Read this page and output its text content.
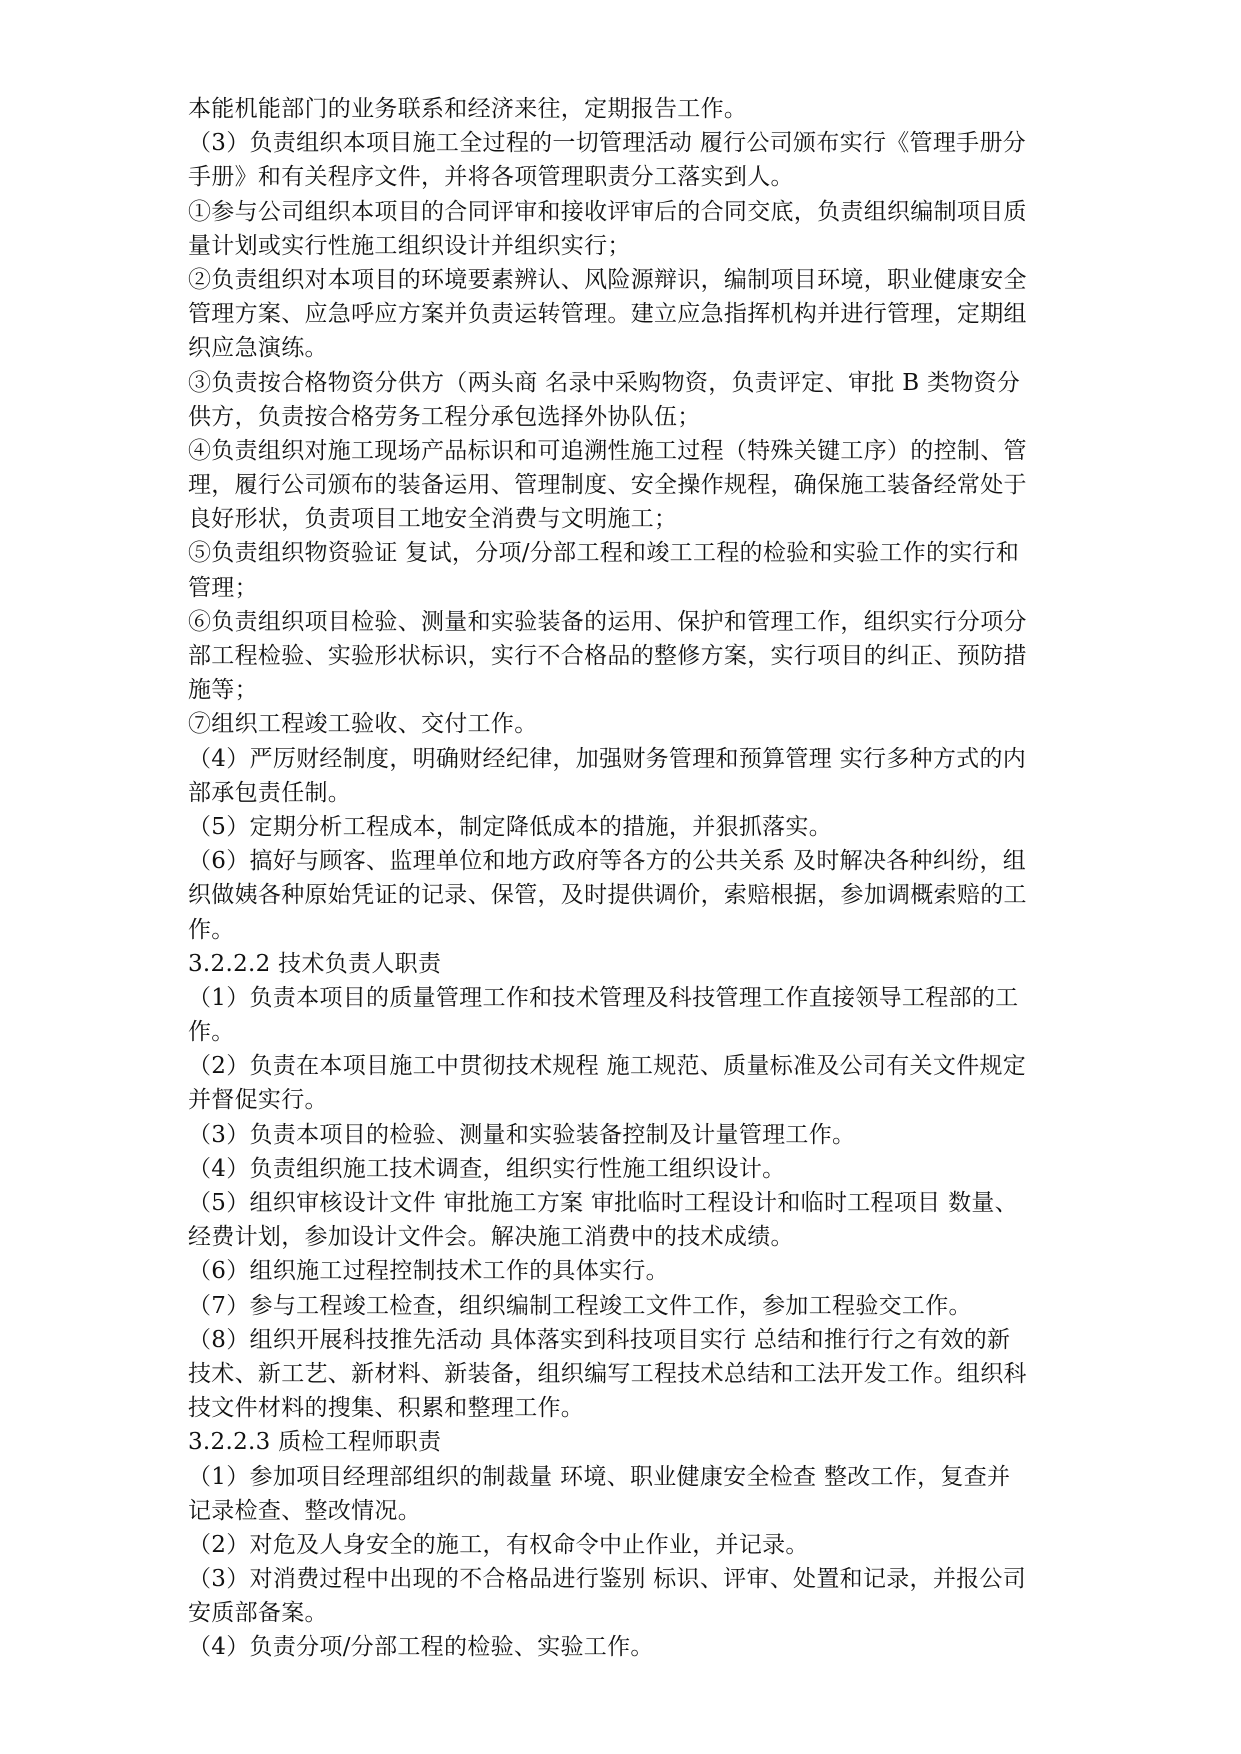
本能机能部门的业务联系和经济来往，定期报告工作。

（3）负责组织本项目施工全过程的一切管理活动 履行公司颁布实行《管理手册分

手册》和有关程序文件，并将各项管理职责分工落实到人。

①参与公司组织本项目的合同评审和接收评审后的合同交底，负责组织编制项目质

量计划或实行性施工组织设计并组织实行；

②负责组织对本项目的环境要素辨认、风险源辩识，编制项目环境，职业健康安全

管理方案、应急呼应方案并负责运转管理。建立应急指挥机构并进行管理，定期组

织应急演练。

③负责按合格物资分供方（两头商 名录中采购物资，负责评定、审批 B 类物资分

供方，负责按合格劳务工程分承包选择外协队伍；

④负责组织对施工现场产品标识和可追溯性施工过程（特殊关键工序）的控制、管

理，履行公司颁布的装备运用、管理制度、安全操作规程，确保施工装备经常处于

良好形状，负责项目工地安全消费与文明施工；

⑤负责组织物资验证 复试，分项/分部工程和竣工工程的检验和实验工作的实行和

管理；

⑥负责组织项目检验、测量和实验装备的运用、保护和管理工作，组织实行分项分

部工程检验、实验形状标识，实行不合格品的整修方案，实行项目的纠正、预防措

施等；

⑦组织工程竣工验收、交付工作。

（4）严厉财经制度，明确财经纪律，加强财务管理和预算管理 实行多种方式的内

部承包责任制。

（5）定期分析工程成本，制定降低成本的措施，并狠抓落实。

（6）搞好与顾客、监理单位和地方政府等各方的公共关系 及时解决各种纠纷，组

织做姨各种原始凭证的记录、保管，及时提供调价，索赔根据，参加调概索赔的工

作。

3.2.2.2 技术负责人职责

（1）负责本项目的质量管理工作和技术管理及科技管理工作直接领导工程部的工

作。

（2）负责在本项目施工中贯彻技术规程 施工规范、质量标准及公司有关文件规定

并督促实行。

（3）负责本项目的检验、测量和实验装备控制及计量管理工作。

（4）负责组织施工技术调查，组织实行性施工组织设计。

（5）组织审核设计文件 审批施工方案 审批临时工程设计和临时工程项目 数量、

经费计划，参加设计文件会。解决施工消费中的技术成绩。

（6）组织施工过程控制技术工作的具体实行。

（7）参与工程竣工检查，组织编制工程竣工文件工作，参加工程验交工作。

（8）组织开展科技推先活动 具体落实到科技项目实行 总结和推行行之有效的新

技术、新工艺、新材料、新装备，组织编写工程技术总结和工法开发工作。组织科

技文件材料的搜集、积累和整理工作。

3.2.2.3 质检工程师职责

（1）参加项目经理部组织的制裁量 环境、职业健康安全检查 整改工作，复查并

记录检查、整改情况。

（2）对危及人身安全的施工，有权命令中止作业，并记录。

（3）对消费过程中出现的不合格品进行鉴别 标识、评审、处置和记录，并报公司

安质部备案。

（4）负责分项/分部工程的检验、实验工作。
